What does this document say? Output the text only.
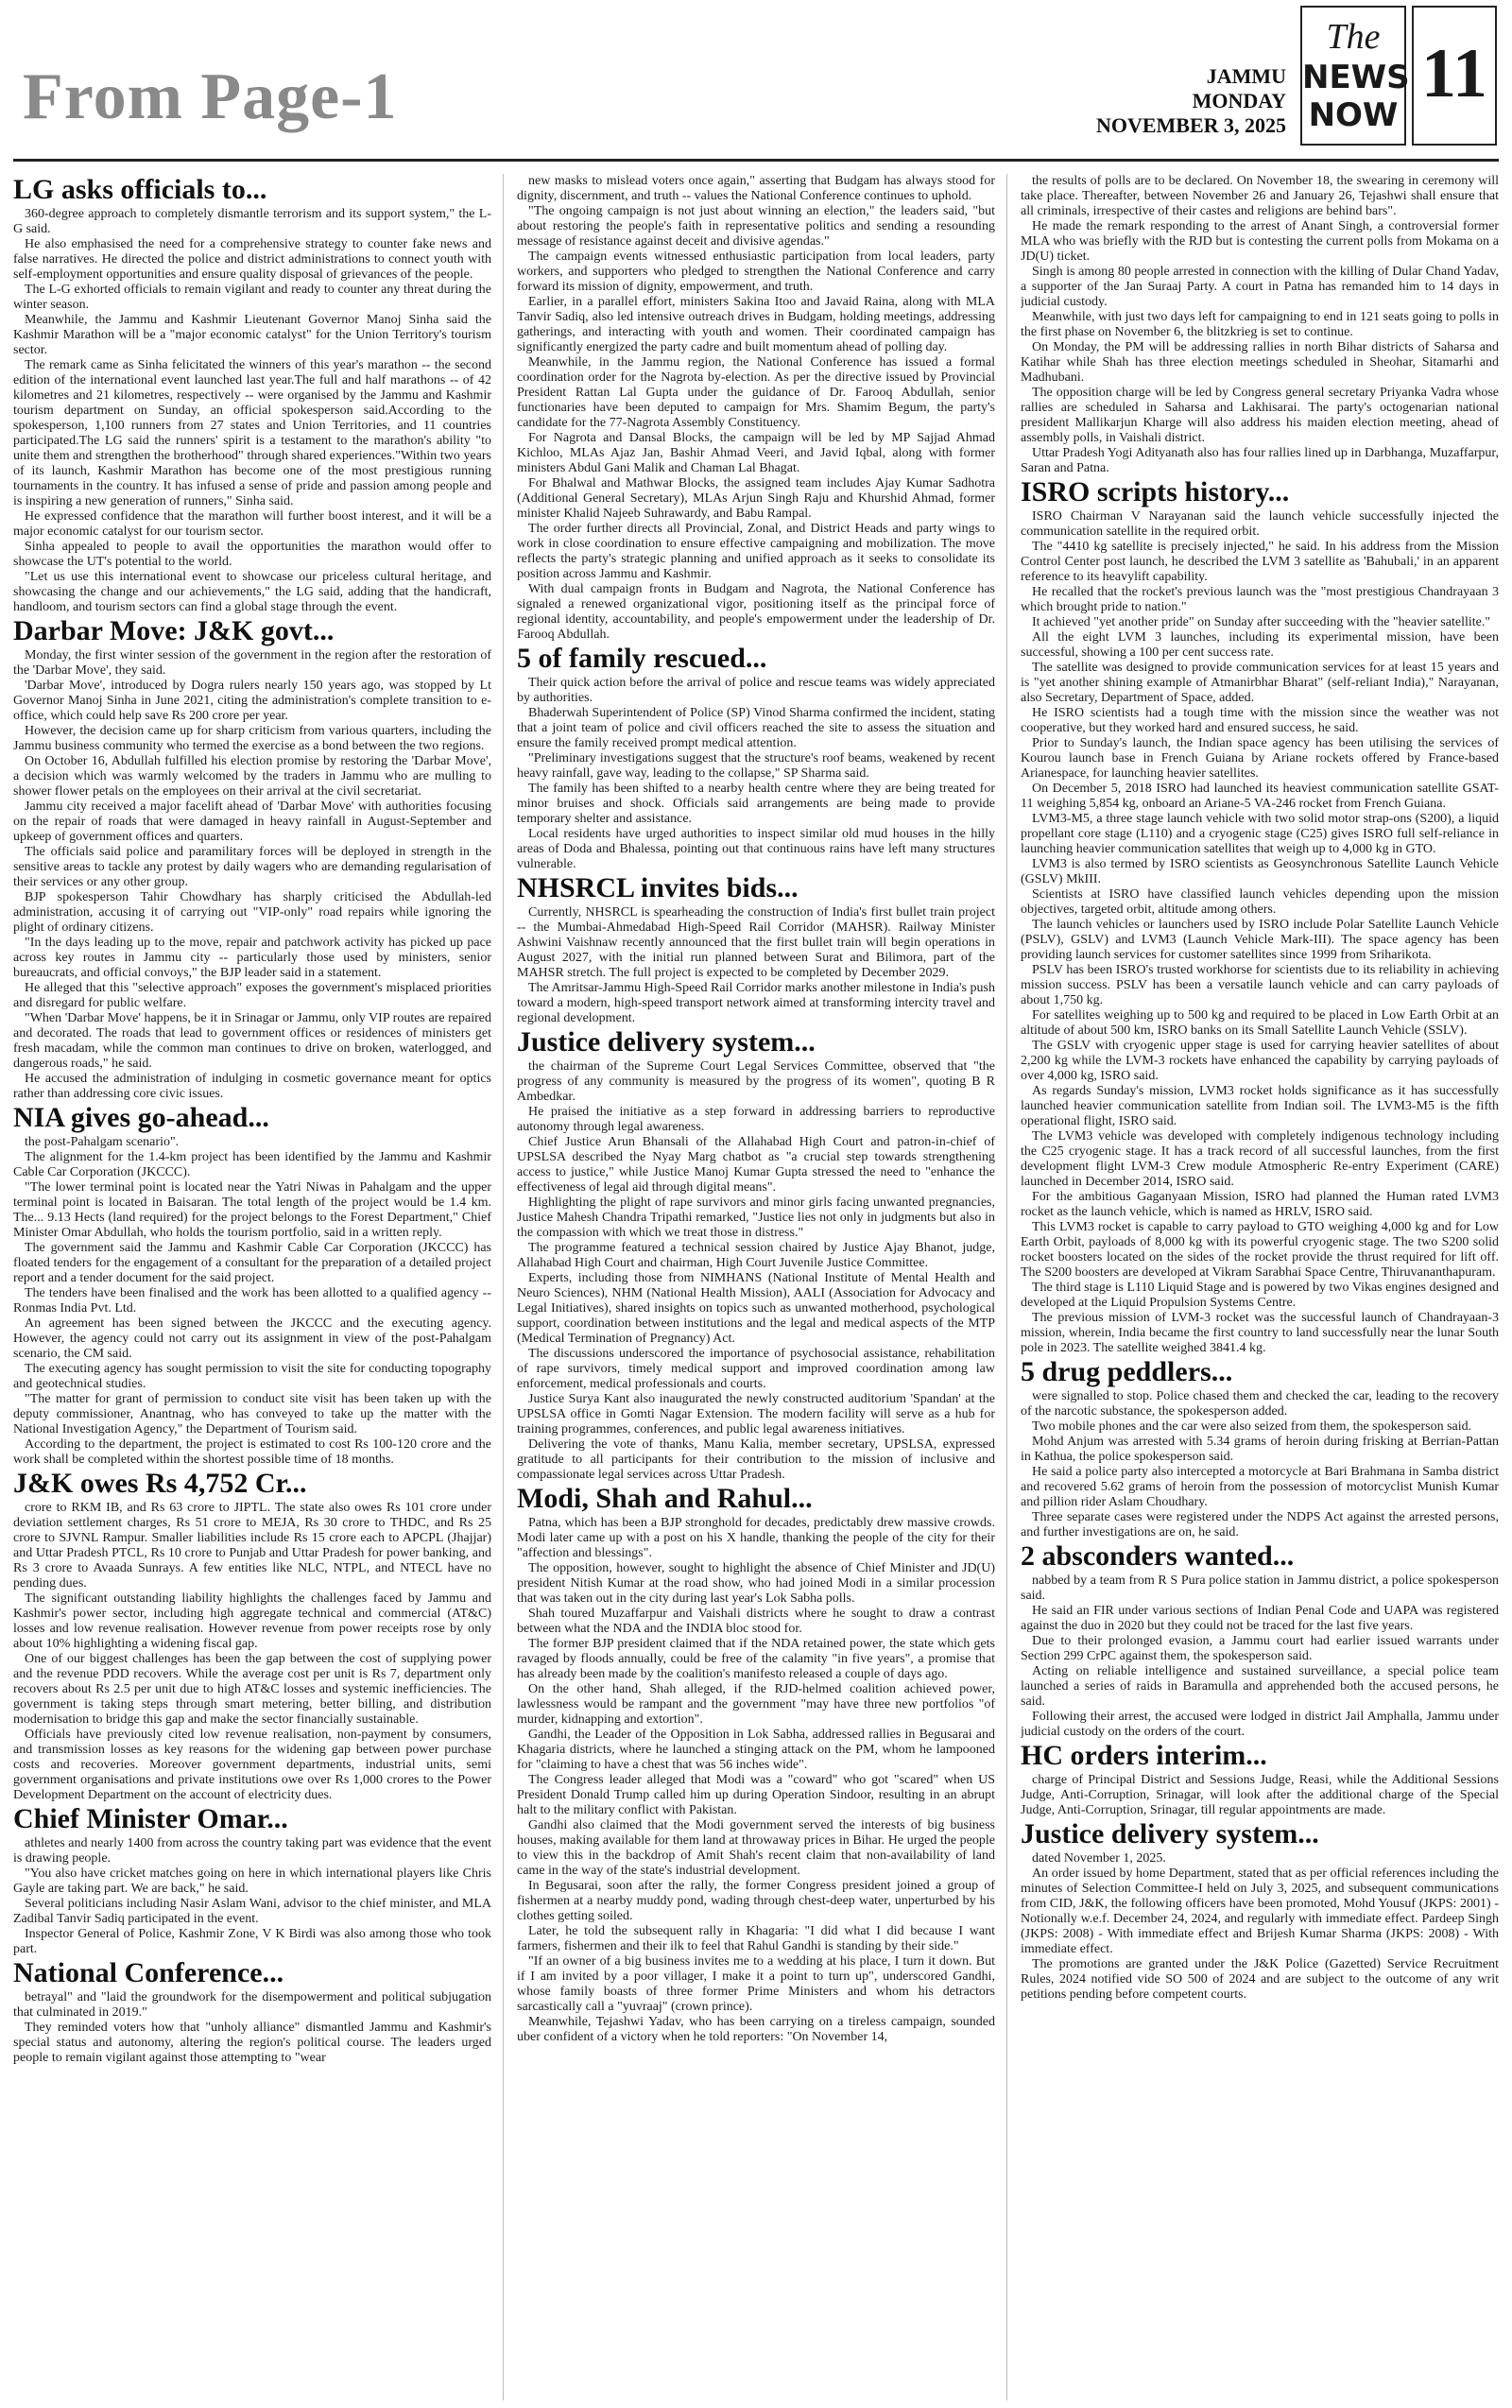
From Page-1	JAMMU
MONDAY
NOVEMBER 3, 2025
The
NEWS
NOW
11
LG asks officials to...

360-degree approach to completely dismantle terrorism and its support system," the L-G said.

He also emphasised the need for a comprehensive strategy to counter fake news and false narratives. He directed the police and district administrations to connect youth with self-employment opportunities and ensure quality disposal of grievances of the people.

The L-G exhorted officials to remain vigilant and ready to counter any threat during the winter season.

Meanwhile, the Jammu and Kashmir Lieutenant Governor Manoj Sinha said the Kashmir Marathon will be a "major economic catalyst" for the Union Territory's tourism sector.

The remark came as Sinha felicitated the winners of this year's marathon -- the second edition of the international event launched last year.The full and half marathons -- of 42 kilometres and 21 kilometres, respectively -- were organised by the Jammu and Kashmir tourism department on Sunday, an official spokesperson said.According to the spokesperson, 1,100 runners from 27 states and Union Territories, and 11 countries participated.The LG said the runners' spirit is a testament to the marathon's ability "to unite them and strengthen the brotherhood" through shared experiences."Within two years of its launch, Kashmir Marathon has become one of the most prestigious running tournaments in the country. It has infused a sense of pride and passion among people and is inspiring a new generation of runners," Sinha said.

He expressed confidence that the marathon will further boost interest, and it will be a major economic catalyst for our tourism sector.

Sinha appealed to people to avail the opportunities the marathon would offer to showcase the UT's potential to the world.

"Let us use this international event to showcase our priceless cultural heritage, and showcasing the change and our achievements," the LG said, adding that the handicraft, handloom, and tourism sectors can find a global stage through the event.

Darbar Move: J&K govt...

Monday, the first winter session of the government in the region after the restoration of the 'Darbar Move', they said.

'Darbar Move', introduced by Dogra rulers nearly 150 years ago, was stopped by Lt Governor Manoj Sinha in June 2021, citing the administration's complete transition to e-office, which could help save Rs 200 crore per year.

However, the decision came up for sharp criticism from various quarters, including the Jammu business community who termed the exercise as a bond between the two regions.

On October 16, Abdullah fulfilled his election promise by restoring the 'Darbar Move', a decision which was warmly welcomed by the traders in Jammu who are mulling to shower flower petals on the employees on their arrival at the civil secretariat.

Jammu city received a major facelift ahead of 'Darbar Move' with authorities focusing on the repair of roads that were damaged in heavy rainfall in August-September and upkeep of government offices and quarters.

The officials said police and paramilitary forces will be deployed in strength in the sensitive areas to tackle any protest by daily wagers who are demanding regularisation of their services or any other group.

BJP spokesperson Tahir Chowdhary has sharply criticised the Abdullah-led administration, accusing it of carrying out "VIP-only" road repairs while ignoring the plight of ordinary citizens.

"In the days leading up to the move, repair and patchwork activity has picked up pace across key routes in Jammu city -- particularly those used by ministers, senior bureaucrats, and official convoys," the BJP leader said in a statement.

He alleged that this "selective approach" exposes the government's misplaced priorities and disregard for public welfare.

"When 'Darbar Move' happens, be it in Srinagar or Jammu, only VIP routes are repaired and decorated. The roads that lead to government offices or residences of ministers get fresh macadam, while the common man continues to drive on broken, waterlogged, and dangerous roads," he said.

He accused the administration of indulging in cosmetic governance meant for optics rather than addressing core civic issues.

NIA gives go-ahead...

the post-Pahalgam scenario".

The alignment for the 1.4-km project has been identified by the Jammu and Kashmir Cable Car Corporation (JKCCC).

"The lower terminal point is located near the Yatri Niwas in Pahalgam and the upper terminal point is located in Baisaran. The total length of the project would be 1.4 km. The... 9.13 Hects (land required) for the project belongs to the Forest Department," Chief Minister Omar Abdullah, who holds the tourism portfolio, said in a written reply.

The government said the Jammu and Kashmir Cable Car Corporation (JKCCC) has floated tenders for the engagement of a consultant for the preparation of a detailed project report and a tender document for the said project.

The tenders have been finalised and the work has been allotted to a qualified agency -- Ronmas India Pvt. Ltd.

An agreement has been signed between the JKCCC and the executing agency. However, the agency could not carry out its assignment in view of the post-Pahalgam scenario, the CM said.

The executing agency has sought permission to visit the site for conducting topography and geotechnical studies.

"The matter for grant of permission to conduct site visit has been taken up with the deputy commissioner, Anantnag, who has conveyed to take up the matter with the National Investigation Agency," the Department of Tourism said.

According to the department, the project is estimated to cost Rs 100-120 crore and the work shall be completed within the shortest possible time of 18 months.

J&K owes Rs 4,752 Cr...

crore to RKM IB, and Rs 63 crore to JIPTL. The state also owes Rs 101 crore under deviation settlement charges, Rs 51 crore to MEJA, Rs 30 crore to THDC, and Rs 25 crore to SJVNL Rampur. Smaller liabilities include Rs 15 crore each to APCPL (Jhajjar) and Uttar Pradesh PTCL, Rs 10 crore to Punjab and Uttar Pradesh for power banking, and Rs 3 crore to Avaada Sunrays. A few entities like NLC, NTPL, and NTECL have no pending dues.

The significant outstanding liability highlights the challenges faced by Jammu and Kashmir's power sector, including high aggregate technical and commercial (AT&C) losses and low revenue realisation. However revenue from power receipts rose by only about 10% highlighting a widening fiscal gap.

One of our biggest challenges has been the gap between the cost of supplying power and the revenue PDD recovers. While the average cost per unit is Rs 7, department only recovers about Rs 2.5 per unit due to high AT&C losses and systemic inefficiencies. The government is taking steps through smart metering, better billing, and distribution modernisation to bridge this gap and make the sector financially sustainable.

Officials have previously cited low revenue realisation, non-payment by consumers, and transmission losses as key reasons for the widening gap between power purchase costs and recoveries. Moreover government departments, industrial units, semi government organisations and private institutions owe over Rs 1,000 crores to the Power Development Department on the account of electricity dues.

Chief Minister Omar...

athletes and nearly 1400 from across the country taking part was evidence that the event is drawing people.

"You also have cricket matches going on here in which international players like Chris Gayle are taking part. We are back," he said.

Several politicians including Nasir Aslam Wani, advisor to the chief minister, and MLA Zadibal Tanvir Sadiq participated in the event.

Inspector General of Police, Kashmir Zone, V K Birdi was also among those who took part.

National Conference...

betrayal" and "laid the groundwork for the disempowerment and political subjugation that culminated in 2019."

They reminded voters how that "unholy alliance" dismantled Jammu and Kashmir's special status and autonomy, altering the region's political course. The leaders urged people to remain vigilant against those attempting to "wear

new masks to mislead voters once again," asserting that Budgam has always stood for dignity, discernment, and truth -- values the National Conference continues to uphold.

"The ongoing campaign is not just about winning an election," the leaders said, "but about restoring the people's faith in representative politics and sending a resounding message of resistance against deceit and divisive agendas."

The campaign events witnessed enthusiastic participation from local leaders, party workers, and supporters who pledged to strengthen the National Conference and carry forward its mission of dignity, empowerment, and truth.

Earlier, in a parallel effort, ministers Sakina Itoo and Javaid Raina, along with MLA Tanvir Sadiq, also led intensive outreach drives in Budgam, holding meetings, addressing gatherings, and interacting with youth and women. Their coordinated campaign has significantly energized the party cadre and built momentum ahead of polling day.

Meanwhile, in the Jammu region, the National Conference has issued a formal coordination order for the Nagrota by-election. As per the directive issued by Provincial President Rattan Lal Gupta under the guidance of Dr. Farooq Abdullah, senior functionaries have been deputed to campaign for Mrs. Shamim Begum, the party's candidate for the 77-Nagrota Assembly Constituency.

For Nagrota and Dansal Blocks, the campaign will be led by MP Sajjad Ahmad Kichloo, MLAs Ajaz Jan, Bashir Ahmad Veeri, and Javid Iqbal, along with former ministers Abdul Gani Malik and Chaman Lal Bhagat.

For Bhalwal and Mathwar Blocks, the assigned team includes Ajay Kumar Sadhotra (Additional General Secretary), MLAs Arjun Singh Raju and Khurshid Ahmad, former minister Khalid Najeeb Suhrawardy, and Babu Rampal.

The order further directs all Provincial, Zonal, and District Heads and party wings to work in close coordination to ensure effective campaigning and mobilization. The move reflects the party's strategic planning and unified approach as it seeks to consolidate its position across Jammu and Kashmir.

With dual campaign fronts in Budgam and Nagrota, the National Conference has signaled a renewed organizational vigor, positioning itself as the principal force of regional identity, accountability, and people's empowerment under the leadership of Dr. Farooq Abdullah.

5 of family rescued...

Their quick action before the arrival of police and rescue teams was widely appreciated by authorities.

Bhaderwah Superintendent of Police (SP) Vinod Sharma confirmed the incident, stating that a joint team of police and civil officers reached the site to assess the situation and ensure the family received prompt medical attention.

"Preliminary investigations suggest that the structure's roof beams, weakened by recent heavy rainfall, gave way, leading to the collapse," SP Sharma said.

The family has been shifted to a nearby health centre where they are being treated for minor bruises and shock. Officials said arrangements are being made to provide temporary shelter and assistance.

Local residents have urged authorities to inspect similar old mud houses in the hilly areas of Doda and Bhalessa, pointing out that continuous rains have left many structures vulnerable.

NHSRCL invites bids...

Currently, NHSRCL is spearheading the construction of India's first bullet train project -- the Mumbai-Ahmedabad High-Speed Rail Corridor (MAHSR). Railway Minister Ashwini Vaishnaw recently announced that the first bullet train will begin operations in August 2027, with the initial run planned between Surat and Bilimora, part of the MAHSR stretch. The full project is expected to be completed by December 2029.

The Amritsar-Jammu High-Speed Rail Corridor marks another milestone in India's push toward a modern, high-speed transport network aimed at transforming intercity travel and regional development.

Justice delivery system...

the chairman of the Supreme Court Legal Services Committee, observed that "the progress of any community is measured by the progress of its women", quoting B R Ambedkar.

He praised the initiative as a step forward in addressing barriers to reproductive autonomy through legal awareness.

Chief Justice Arun Bhansali of the Allahabad High Court and patron-in-chief of UPSLSA described the Nyay Marg chatbot as "a crucial step towards strengthening access to justice," while Justice Manoj Kumar Gupta stressed the need to "enhance the effectiveness of legal aid through digital means".

Highlighting the plight of rape survivors and minor girls facing unwanted pregnancies, Justice Mahesh Chandra Tripathi remarked, "Justice lies not only in judgments but also in the compassion with which we treat those in distress."

The programme featured a technical session chaired by Justice Ajay Bhanot, judge, Allahabad High Court and chairman, High Court Juvenile Justice Committee.

Experts, including those from NIMHANS (National Institute of Mental Health and Neuro Sciences), NHM (National Health Mission), AALI (Association for Advocacy and Legal Initiatives), shared insights on topics such as unwanted motherhood, psychological support, coordination between institutions and the legal and medical aspects of the MTP (Medical Termination of Pregnancy) Act.

The discussions underscored the importance of psychosocial assistance, rehabilitation of rape survivors, timely medical support and improved coordination among law enforcement, medical professionals and courts.

Justice Surya Kant also inaugurated the newly constructed auditorium 'Spandan' at the UPSLSA office in Gomti Nagar Extension. The modern facility will serve as a hub for training programmes, conferences, and public legal awareness initiatives.

Delivering the vote of thanks, Manu Kalia, member secretary, UPSLSA, expressed gratitude to all participants for their contribution to the mission of inclusive and compassionate legal services across Uttar Pradesh.

Modi, Shah and Rahul...

Patna, which has been a BJP stronghold for decades, predictably drew massive crowds. Modi later came up with a post on his X handle, thanking the people of the city for their "affection and blessings".

The opposition, however, sought to highlight the absence of Chief Minister and JD(U) president Nitish Kumar at the road show, who had joined Modi in a similar procession that was taken out in the city during last year's Lok Sabha polls.

Shah toured Muzaffarpur and Vaishali districts where he sought to draw a contrast between what the NDA and the INDIA bloc stood for.

The former BJP president claimed that if the NDA retained power, the state which gets ravaged by floods annually, could be free of the calamity "in five years", a promise that has already been made by the coalition's manifesto released a couple of days ago.

On the other hand, Shah alleged, if the RJD-helmed coalition achieved power, lawlessness would be rampant and the government "may have three new portfolios "of murder, kidnapping and extortion".

Gandhi, the Leader of the Opposition in Lok Sabha, addressed rallies in Begusarai and Khagaria districts, where he launched a stinging attack on the PM, whom he lampooned for "claiming to have a chest that was 56 inches wide".

The Congress leader alleged that Modi was a "coward" who got "scared" when US President Donald Trump called him up during Operation Sindoor, resulting in an abrupt halt to the military conflict with Pakistan.

Gandhi also claimed that the Modi government served the interests of big business houses, making available for them land at throwaway prices in Bihar. He urged the people to view this in the backdrop of Amit Shah's recent claim that non-availability of land came in the way of the state's industrial development.

In Begusarai, soon after the rally, the former Congress president joined a group of fishermen at a nearby muddy pond, wading through chest-deep water, unperturbed by his clothes getting soiled.

Later, he told the subsequent rally in Khagaria: "I did what I did because I want farmers, fishermen and their ilk to feel that Rahul Gandhi is standing by their side."

"If an owner of a big business invites me to a wedding at his place, I turn it down. But if I am invited by a poor villager, I make it a point to turn up", underscored Gandhi, whose family boasts of three former Prime Ministers and whom his detractors sarcastically call a "yuvraaj" (crown prince).

Meanwhile, Tejashwi Yadav, who has been carrying on a tireless campaign, sounded uber confident of a victory when he told reporters: "On November 14,

the results of polls are to be declared. On November 18, the swearing in ceremony will take place. Thereafter, between November 26 and January 26, Tejashwi shall ensure that all criminals, irrespective of their castes and religions are behind bars".

He made the remark responding to the arrest of Anant Singh, a controversial former MLA who was briefly with the RJD but is contesting the current polls from Mokama on a JD(U) ticket.

Singh is among 80 people arrested in connection with the killing of Dular Chand Yadav, a supporter of the Jan Suraaj Party. A court in Patna has remanded him to 14 days in judicial custody.

Meanwhile, with just two days left for campaigning to end in 121 seats going to polls in the first phase on November 6, the blitzkrieg is set to continue.

On Monday, the PM will be addressing rallies in north Bihar districts of Saharsa and Katihar while Shah has three election meetings scheduled in Sheohar, Sitamarhi and Madhubani.

The opposition charge will be led by Congress general secretary Priyanka Vadra whose rallies are scheduled in Saharsa and Lakhisarai. The party's octogenarian national president Mallikarjun Kharge will also address his maiden election meeting, ahead of assembly polls, in Vaishali district.

Uttar Pradesh Yogi Adityanath also has four rallies lined up in Darbhanga, Muzaffarpur, Saran and Patna.

ISRO scripts history...

ISRO Chairman V Narayanan said the launch vehicle successfully injected the communication satellite in the required orbit.

The "4410 kg satellite is precisely injected," he said. In his address from the Mission Control Center post launch, he described the LVM 3 satellite as 'Bahubali,' in an apparent reference to its heavylift capability.

He recalled that the rocket's previous launch was the "most prestigious Chandrayaan 3 which brought pride to nation."

It achieved "yet another pride" on Sunday after succeeding with the "heavier satellite."

All the eight LVM 3 launches, including its experimental mission, have been successful, showing a 100 per cent success rate.

The satellite was designed to provide communication services for at least 15 years and is "yet another shining example of Atmanirbhar Bharat" (self-reliant India)," Narayanan, also Secretary, Department of Space, added.

He ISRO scientists had a tough time with the mission since the weather was not cooperative, but they worked hard and ensured success, he said.

Prior to Sunday's launch, the Indian space agency has been utilising the services of Kourou launch base in French Guiana by Ariane rockets offered by France-based Arianespace, for launching heavier satellites.

On December 5, 2018 ISRO had launched its heaviest communication satellite GSAT-11 weighing 5,854 kg, onboard an Ariane-5 VA-246 rocket from French Guiana.

LVM3-M5, a three stage launch vehicle with two solid motor strap-ons (S200), a liquid propellant core stage (L110) and a cryogenic stage (C25) gives ISRO full self-reliance in launching heavier communication satellites that weigh up to 4,000 kg in GTO.

LVM3 is also termed by ISRO scientists as Geosynchronous Satellite Launch Vehicle (GSLV) MkIII.

Scientists at ISRO have classified launch vehicles depending upon the mission objectives, targeted orbit, altitude among others.

The launch vehicles or launchers used by ISRO include Polar Satellite Launch Vehicle (PSLV), GSLV) and LVM3 (Launch Vehicle Mark-III). The space agency has been providing launch services for customer satellites since 1999 from Sriharikota.

PSLV has been ISRO's trusted workhorse for scientists due to its reliability in achieving mission success. PSLV has been a versatile launch vehicle and can carry payloads of about 1,750 kg.

For satellites weighing up to 500 kg and required to be placed in Low Earth Orbit at an altitude of about 500 km, ISRO banks on its Small Satellite Launch Vehicle (SSLV).

The GSLV with cryogenic upper stage is used for carrying heavier satellites of about 2,200 kg while the LVM-3 rockets have enhanced the capability by carrying payloads of over 4,000 kg, ISRO said.

As regards Sunday's mission, LVM3 rocket holds significance as it has successfully launched heavier communication satellite from Indian soil. The LVM3-M5 is the fifth operational flight, ISRO said.

The LVM3 vehicle was developed with completely indigenous technology including the C25 cryogenic stage. It has a track record of all successful launches, from the first development flight LVM-3 Crew module Atmospheric Re-entry Experiment (CARE) launched in December 2014, ISRO said.

For the ambitious Gaganyaan Mission, ISRO had planned the Human rated LVM3 rocket as the launch vehicle, which is named as HRLV, ISRO said.

This LVM3 rocket is capable to carry payload to GTO weighing 4,000 kg and for Low Earth Orbit, payloads of 8,000 kg with its powerful cryogenic stage. The two S200 solid rocket boosters located on the sides of the rocket provide the thrust required for lift off. The S200 boosters are developed at Vikram Sarabhai Space Centre, Thiruvananthapuram.

The third stage is L110 Liquid Stage and is powered by two Vikas engines designed and developed at the Liquid Propulsion Systems Centre.

The previous mission of LVM-3 rocket was the successful launch of Chandrayaan-3 mission, wherein, India became the first country to land successfully near the lunar South pole in 2023. The satellite weighed 3841.4 kg.

5 drug peddlers...

were signalled to stop. Police chased them and checked the car, leading to the recovery of the narcotic substance, the spokesperson added.

Two mobile phones and the car were also seized from them, the spokesperson said.

Mohd Anjum was arrested with 5.34 grams of heroin during frisking at Berrian-Pattan in Kathua, the police spokesperson said.

He said a police party also intercepted a motorcycle at Bari Brahmana in Samba district and recovered 5.62 grams of heroin from the possession of motorcyclist Munish Kumar and pillion rider Aslam Choudhary.

Three separate cases were registered under the NDPS Act against the arrested persons, and further investigations are on, he said.

2 absconders wanted...

nabbed by a team from R S Pura police station in Jammu district, a police spokesperson said.

He said an FIR under various sections of Indian Penal Code and UAPA was registered against the duo in 2020 but they could not be traced for the last five years.

Due to their prolonged evasion, a Jammu court had earlier issued warrants under Section 299 CrPC against them, the spokesperson said.

Acting on reliable intelligence and sustained surveillance, a special police team launched a series of raids in Baramulla and apprehended both the accused persons, he said.

Following their arrest, the accused were lodged in district Jail Amphalla, Jammu under judicial custody on the orders of the court.

HC orders interim...

charge of Principal District and Sessions Judge, Reasi, while the Additional Sessions Judge, Anti-Corruption, Srinagar, will look after the additional charge of the Special Judge, Anti-Corruption, Srinagar, till regular appointments are made.

Justice delivery system...

dated November 1, 2025.

An order issued by home Department, stated that as per official references including the minutes of Selection Committee-I held on July 3, 2025, and subsequent communications from CID, J&K, the following officers have been promoted, Mohd Yousuf (JKPS: 2001) - Notionally w.e.f. December 24, 2024, and regularly with immediate effect. Pardeep Singh (JKPS: 2008) - With immediate effect and Brijesh Kumar Sharma (JKPS: 2008) - With immediate effect.

The promotions are granted under the J&K Police (Gazetted) Service Recruitment Rules, 2024 notified vide SO 500 of 2024 and are subject to the outcome of any writ petitions pending before competent courts.
